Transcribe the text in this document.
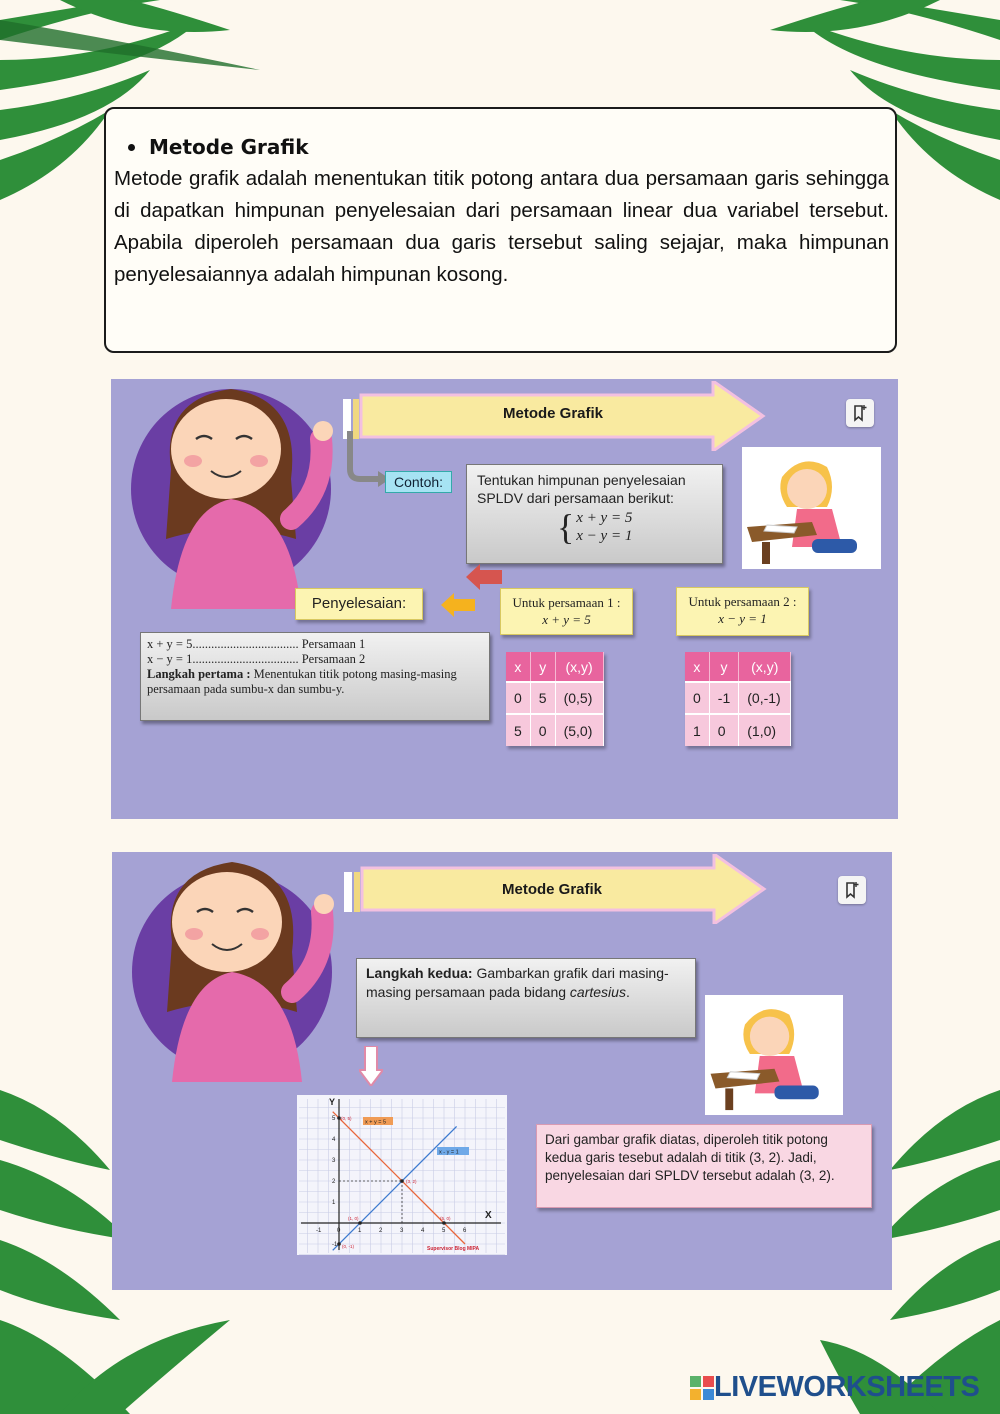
Metode Grafik

Metode grafik adalah menentukan titik potong antara dua persamaan garis sehingga di dapatkan himpunan penyelesaian dari persamaan linear dua variabel tersebut. Apabila diperoleh persamaan dua garis tersebut saling sejajar, maka himpunan penyelesaiannya adalah himpunan kosong.

Metode Grafik
Contoh:	Tentukan himpunan penyelesaian
SPLDV dari persamaan berikut:
{ x + y = 5
x − y = 1
Penyelesaian:	Untuk persamaan 1 :
x + y = 5
Untuk persamaan 2 :
x − y = 1
x + y = 5.................................. Persamaan 1
x − y = 1.................................. Persamaan 2
Langkah pertama : Menentukan titik potong masing-masing persamaan pada sumbu-x dan sumbu-y.
x	y	(x,y)
0	5	(0,5)
5	0	(5,0)
x	y	(x,y)
0	-1	(0,-1)
1	0	(1,0)
Metode Grafik
Langkah kedua: Gambarkan grafik dari masing-masing persamaan pada bidang cartesius.
Dari gambar grafik diatas, diperoleh titik potong kedua garis tesebut adalah di titik (3, 2). Jadi, penyelesaian dari SPLDV tersebut adalah (3, 2).
-1	0	1	2	3	4	5	6
-1
1
2
3
4
5
X
Y
x + y = 5
x - y = 1
(0, 5)
(3, 2)
(1, 0)	(5, 0)
(0, -1)	Supervisor Blog MIPA
LIVEWORKSHEETS
